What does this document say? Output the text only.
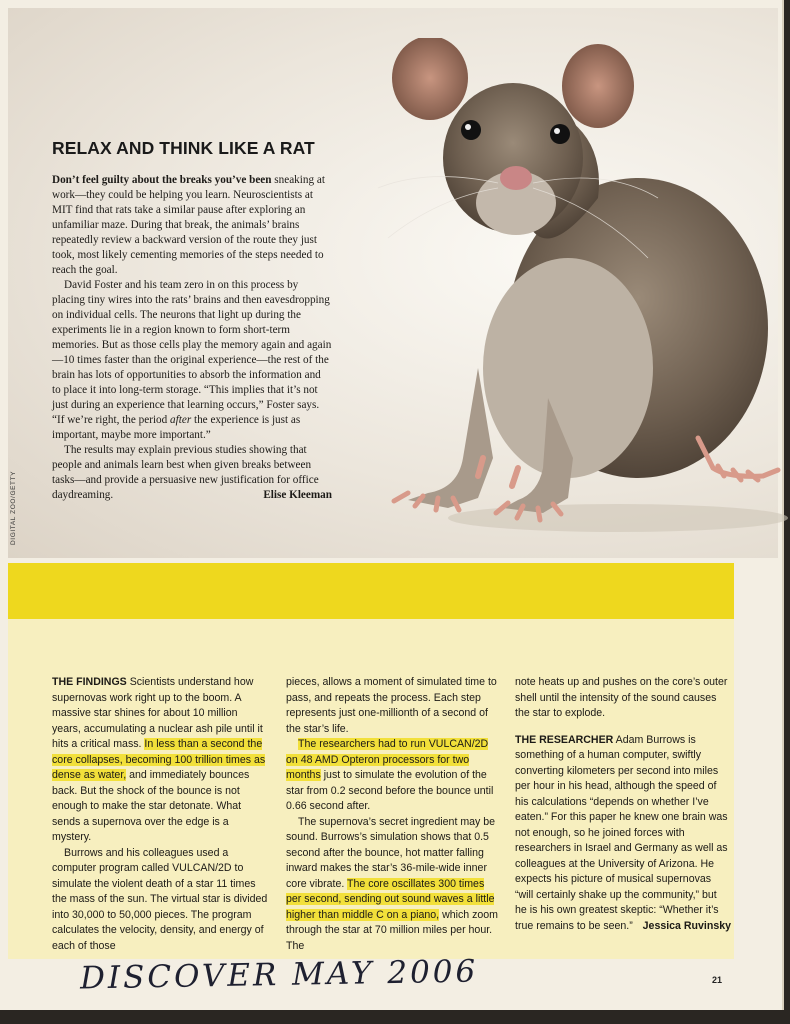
RELAX AND THINK LIKE A RAT

Don’t feel guilty about the breaks you’ve been sneaking at work—they could be helping you learn. Neuroscientists at MIT find that rats take a similar pause after exploring an unfamiliar maze. During that break, the animals’ brains repeatedly review a backward version of the route they just took, most likely cementing memories of the steps needed to reach the goal.

David Foster and his team zero in on this process by placing tiny wires into the rats’ brains and then eavesdropping on individual cells. The neurons that light up during the experiments lie in a region known to form short-term memories. But as those cells play the memory again and again—10 times faster than the original experience—the rest of the brain has lots of opportunities to absorb the information and to place it into long-term storage. “This implies that it’s not just during an experience that learning occurs,” Foster says. “If we’re right, the period after the experience is just as important, maybe more important.”

The results may explain previous studies showing that people and animals learn best when given breaks between tasks—and provide a persuasive new justification for office daydreaming.	Elise Kleeman

DIGITAL ZOO/GETTY

THE FINDINGS Scientists understand how supernovas work right up to the boom. A massive star shines for about 10 million years, accumulating a nuclear ash pile until it hits a critical mass. In less than a second the core collapses, becoming 100 trillion times as dense as water, and immediately bounces back. But the shock of the bounce is not enough to make the star detonate. What sends a supernova over the edge is a mystery.

Burrows and his colleagues used a computer program called VULCAN/2D to simulate the violent death of a star 11 times the mass of the sun. The virtual star is divided into 30,000 to 50,000 pieces. The program calculates the velocity, density, and energy of each of those

pieces, allows a moment of simulated time to pass, and repeats the process. Each step represents just one-millionth of a second of the star’s life.

The researchers had to run VULCAN/2D on 48 AMD Opteron processors for two months just to simulate the evolution of the star from 0.2 second before the bounce until 0.66 second after.

The supernova’s secret ingredient may be sound. Burrows’s simulation shows that 0.5 second after the bounce, hot matter falling inward makes the star’s 36-mile-wide inner core vibrate. The core oscillates 300 times per second, sending out sound waves a little higher than middle C on a piano, which zoom through the star at 70 million miles per hour. The

note heats up and pushes on the core’s outer shell until the intensity of the sound causes the star to explode.

THE RESEARCHER Adam Burrows is something of a human computer, swiftly converting kilometers per second into miles per hour in his head, although the speed of his calculations “depends on whether I’ve eaten.” For this paper he knew one brain was not enough, so he joined forces with researchers in Israel and Germany as well as colleagues at the University of Arizona. He expects his picture of musical supernovas “will certainly shake up the community,” but he is his own greatest skeptic: “Whether it’s true remains to be seen.” Jessica Ruvinsky

DISCOVER MAY 2006	21
